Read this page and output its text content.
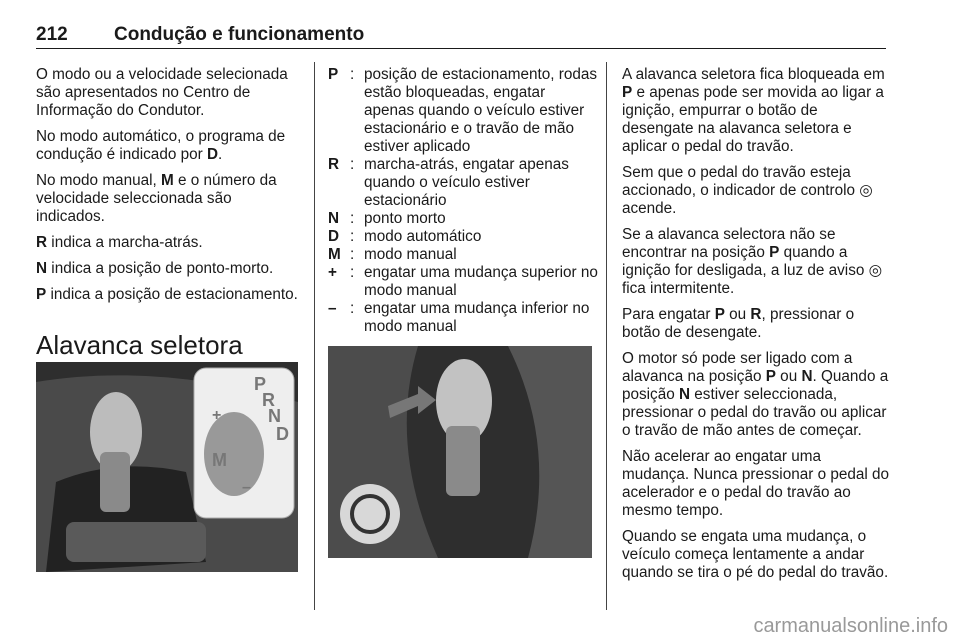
212 Condução e funcionamento

O modo ou a velocidade selecionada são apresentados no Centro de Informação do Condutor.

No modo automático, o programa de condução é indicado por D.

No modo manual, M e o número da velocidade seleccionada são indicados.

R indica a marcha-atrás.

N indica a posição de ponto-morto.

P indica a posição de estacionamento.

Alavanca seletora
P
R
N
D
M
+
–
P : posição de estacionamento, rodas estão bloqueadas, engatar apenas quando o veículo estiver estacionário e o travão de mão estiver aplicado
R : marcha-atrás, engatar apenas quando o veículo estiver estacionário
N : ponto morto
D : modo automático
M : modo manual
+ : engatar uma mudança superior no modo manual
– : engatar uma mudança inferior no modo manual

A alavanca seletora fica bloqueada em P e apenas pode ser movida ao ligar a ignição, empurrar o botão de desengate na alavanca seletora e aplicar o pedal do travão.

Sem que o pedal do travão esteja accionado, o indicador de controlo ◎ acende.

Se a alavanca selectora não se encontrar na posição P quando a ignição for desligada, a luz de aviso ◎ fica intermitente.

Para engatar P ou R, pressionar o botão de desengate.

O motor só pode ser ligado com a alavanca na posição P ou N. Quando a posição N estiver seleccionada, pressionar o pedal do travão ou aplicar o travão de mão antes de começar.

Não acelerar ao engatar uma mudança. Nunca pressionar o pedal do acelerador e o pedal do travão ao mesmo tempo.

Quando se engata uma mudança, o veículo começa lentamente a andar quando se tira o pé do pedal do travão.

carmanualsonline.info
